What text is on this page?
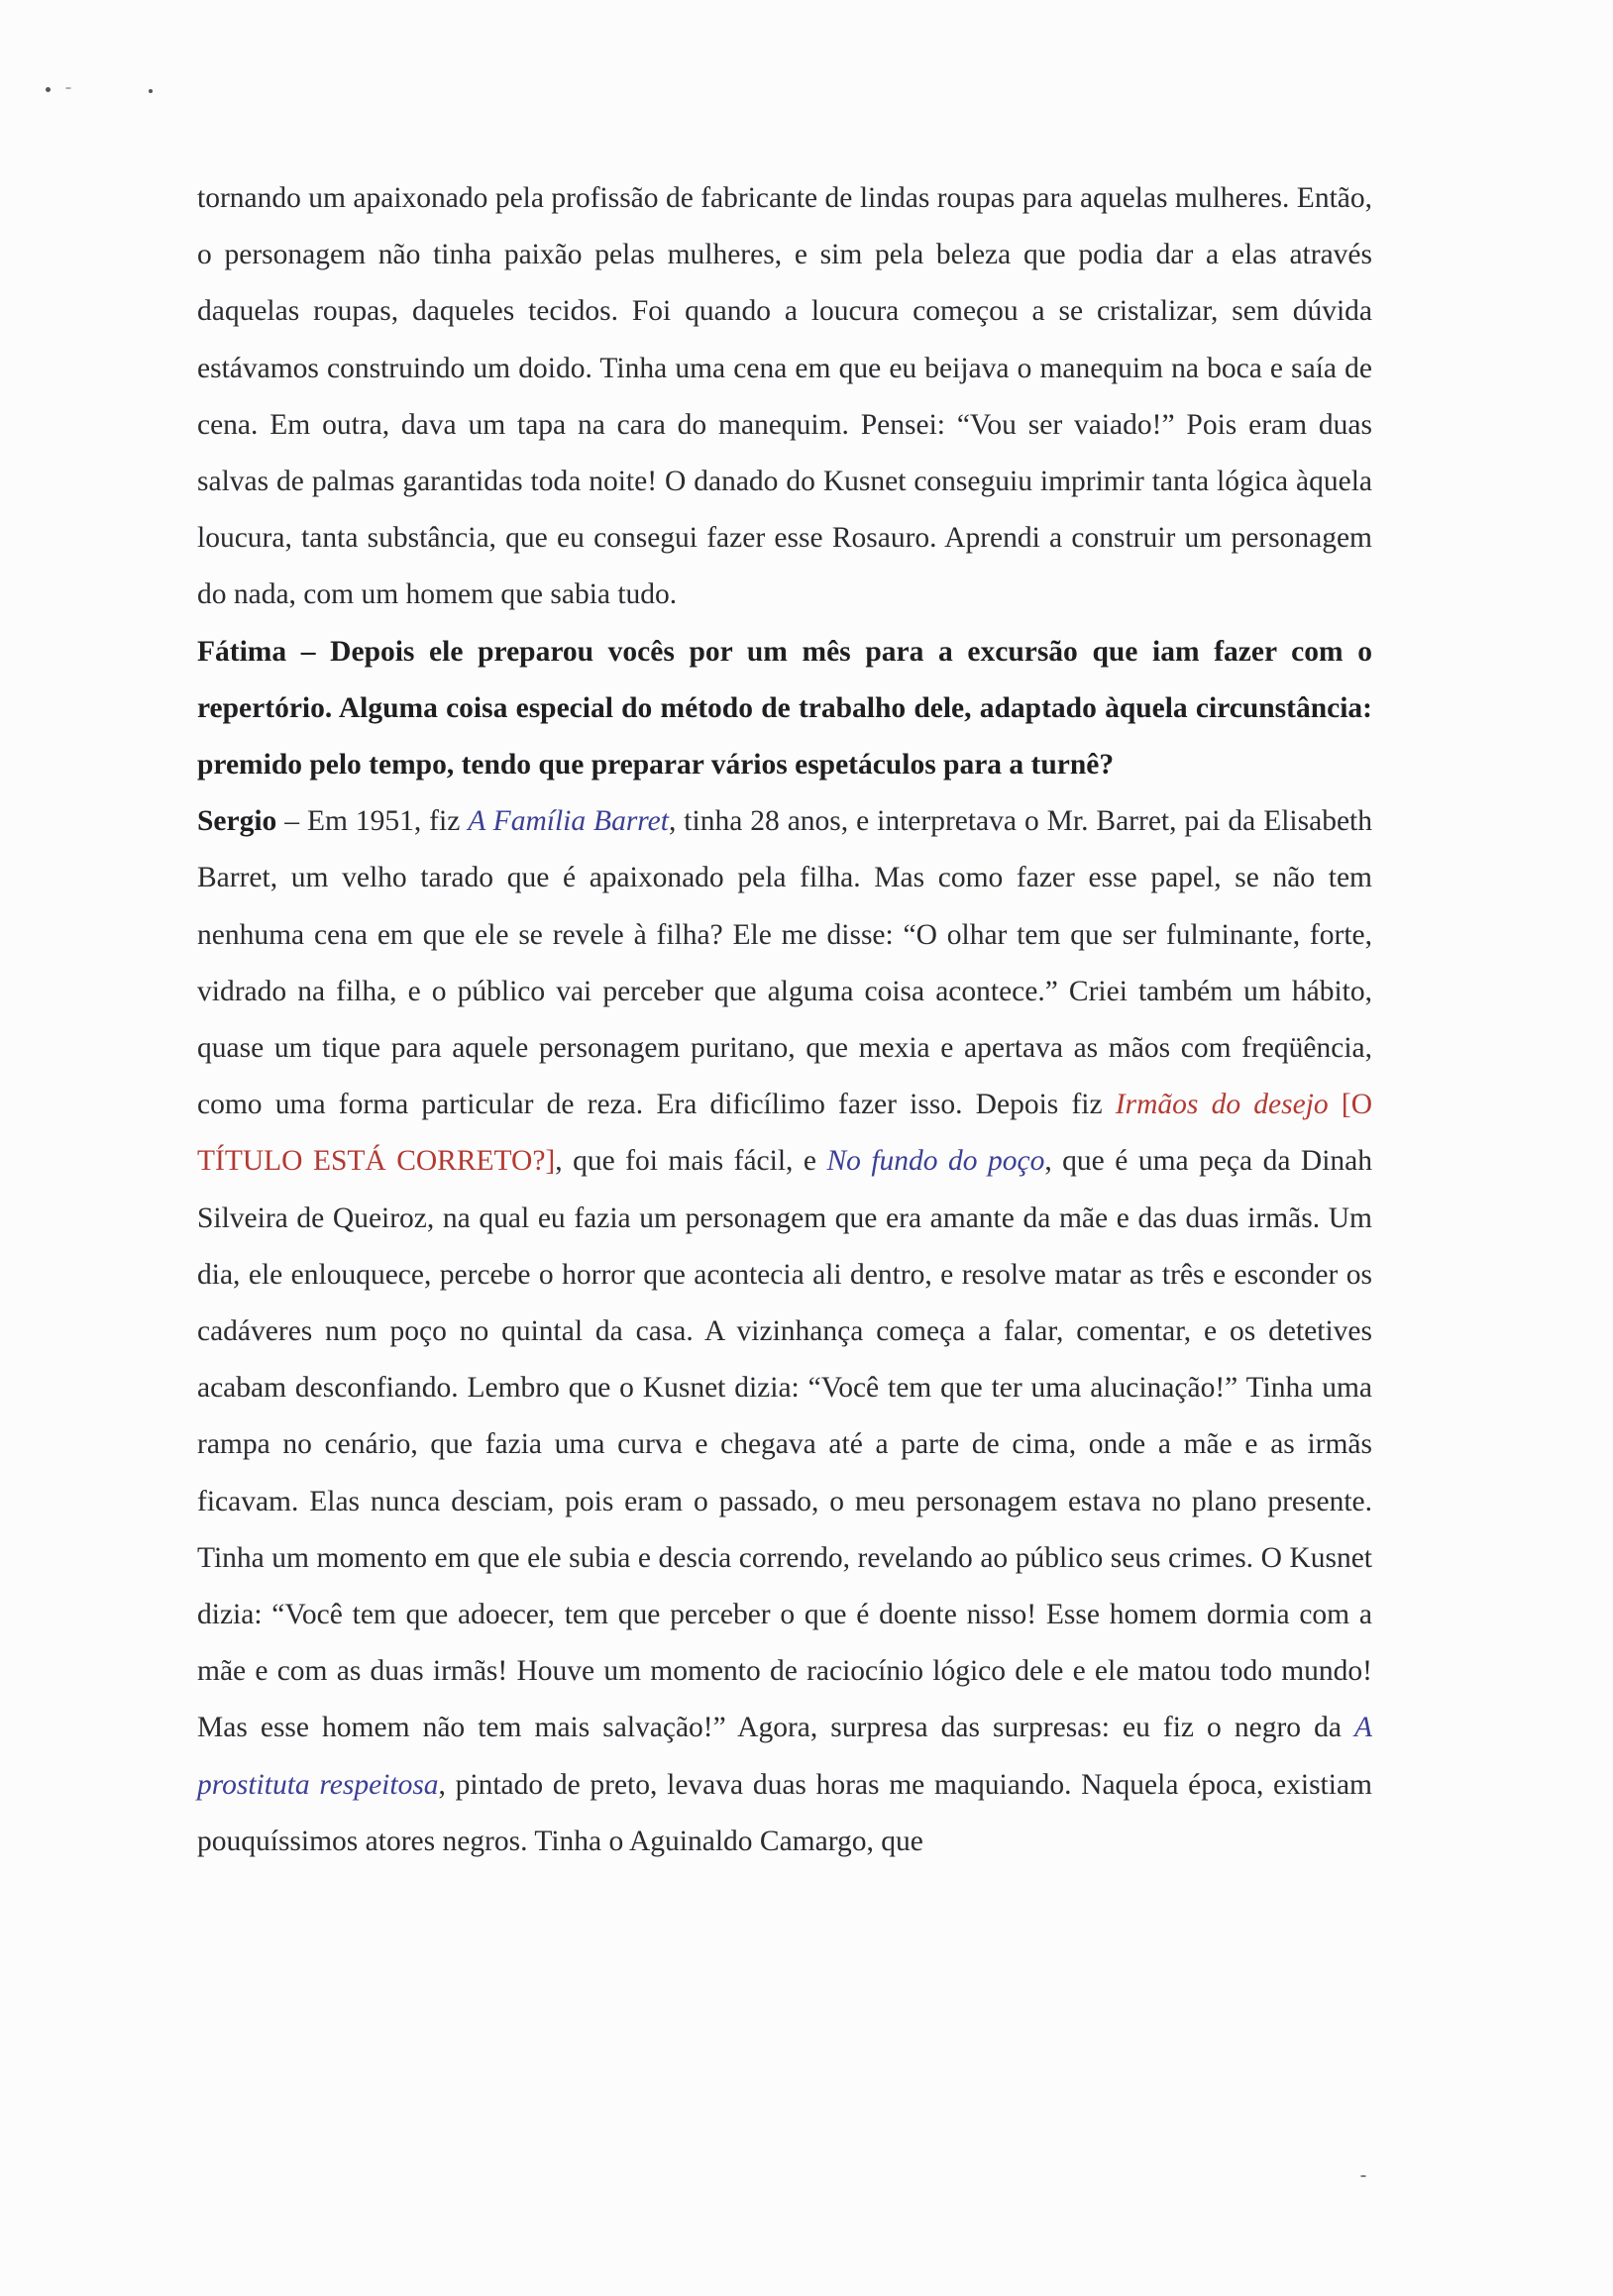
tornando um apaixonado pela profissão de fabricante de lindas roupas para aquelas mulheres. Então, o personagem não tinha paixão pelas mulheres, e sim pela beleza que podia dar a elas através daquelas roupas, daqueles tecidos. Foi quando a loucura começou a se cristalizar, sem dúvida estávamos construindo um doido. Tinha uma cena em que eu beijava o manequim na boca e saía de cena. Em outra, dava um tapa na cara do manequim. Pensei: “Vou ser vaiado!” Pois eram duas salvas de palmas garantidas toda noite! O danado do Kusnet conseguiu imprimir tanta lógica àquela loucura, tanta substância, que eu consegui fazer esse Rosauro. Aprendi a construir um personagem do nada, com um homem que sabia tudo.

Fátima – Depois ele preparou vocês por um mês para a excursão que iam fazer com o repertório. Alguma coisa especial do método de trabalho dele, adaptado àquela circunstância: premido pelo tempo, tendo que preparar vários espetáculos para a turnê?

Sergio – Em 1951, fiz A Família Barret, tinha 28 anos, e interpretava o Mr. Barret, pai da Elisabeth Barret, um velho tarado que é apaixonado pela filha. Mas como fazer esse papel, se não tem nenhuma cena em que ele se revele à filha? Ele me disse: “O olhar tem que ser fulminante, forte, vidrado na filha, e o público vai perceber que alguma coisa acontece.” Criei também um hábito, quase um tique para aquele personagem puritano, que mexia e apertava as mãos com freqüência, como uma forma particular de reza. Era dificílimo fazer isso. Depois fiz Irmãos do desejo [O TÍTULO ESTÁ CORRETO?], que foi mais fácil, e No fundo do poço, que é uma peça da Dinah Silveira de Queiroz, na qual eu fazia um personagem que era amante da mãe e das duas irmãs. Um dia, ele enlouquece, percebe o horror que acontecia ali dentro, e resolve matar as três e esconder os cadáveres num poço no quintal da casa. A vizinhança começa a falar, comentar, e os detetives acabam desconfiando. Lembro que o Kusnet dizia: “Você tem que ter uma alucinação!” Tinha uma rampa no cenário, que fazia uma curva e chegava até a parte de cima, onde a mãe e as irmãs ficavam. Elas nunca desciam, pois eram o passado, o meu personagem estava no plano presente. Tinha um momento em que ele subia e descia correndo, revelando ao público seus crimes. O Kusnet dizia: “Você tem que adoecer, tem que perceber o que é doente nisso! Esse homem dormia com a mãe e com as duas irmãs! Houve um momento de raciocínio lógico dele e ele matou todo mundo! Mas esse homem não tem mais salvação!” Agora, surpresa das surpresas: eu fiz o negro da A prostituta respeitosa, pintado de preto, levava duas horas me maquiando. Naquela época, existiam pouquíssimos atores negros. Tinha o Aguinaldo Camargo, que
